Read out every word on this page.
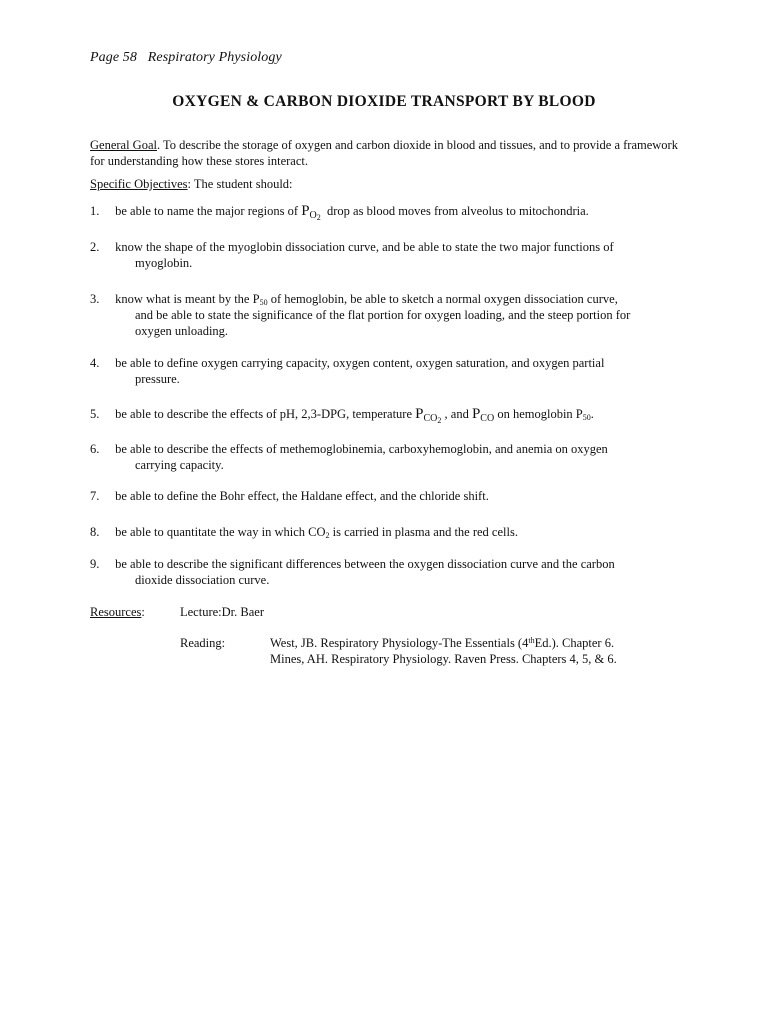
Page 58 Respiratory Physiology
OXYGEN & CARBON DIOXIDE TRANSPORT BY BLOOD
General Goal. To describe the storage of oxygen and carbon dioxide in blood and tissues, and to provide a framework for understanding how these stores interact.
Specific Objectives: The student should:
1. be able to name the major regions of $P_{O_2}$ drop as blood moves from alveolus to mitochondria.
2. know the shape of the myoglobin dissociation curve, and be able to state the two major functions of
myoglobin.
3. know what is meant by the $P_{50}$ of hemoglobin, be able to sketch a normal oxygen dissociation curve,
and be able to state the significance of the flat portion for oxygen loading, and the steep portion for
oxygen unloading.
4. be able to define oxygen carrying capacity, oxygen content, oxygen saturation, and oxygen partial
pressure.
5. be able to describe the effects of pH, 2,3-DPG, temperature $P_{CO_2}$ , and $P_{CO}$ on hemoglobin $P_{50}$.
6. be able to describe the effects of methemoglobinemia, carboxyhemoglobin, and anemia on oxygen
carrying capacity.
7. be able to define the Bohr effect, the Haldane effect, and the chloride shift.
8. be able to quantitate the way in which $CO_2$ is carried in plasma and the red cells.
9. be able to describe the significant differences between the oxygen dissociation curve and the carbon
dioxide dissociation curve.
Resources:	Lecture:Dr. Baer
Reading:	West, JB. Respiratory Physiology-The Essentials (4thEd.). Chapter 6.
Mines, AH. Respiratory Physiology. Raven Press. Chapters 4, 5, & 6.
